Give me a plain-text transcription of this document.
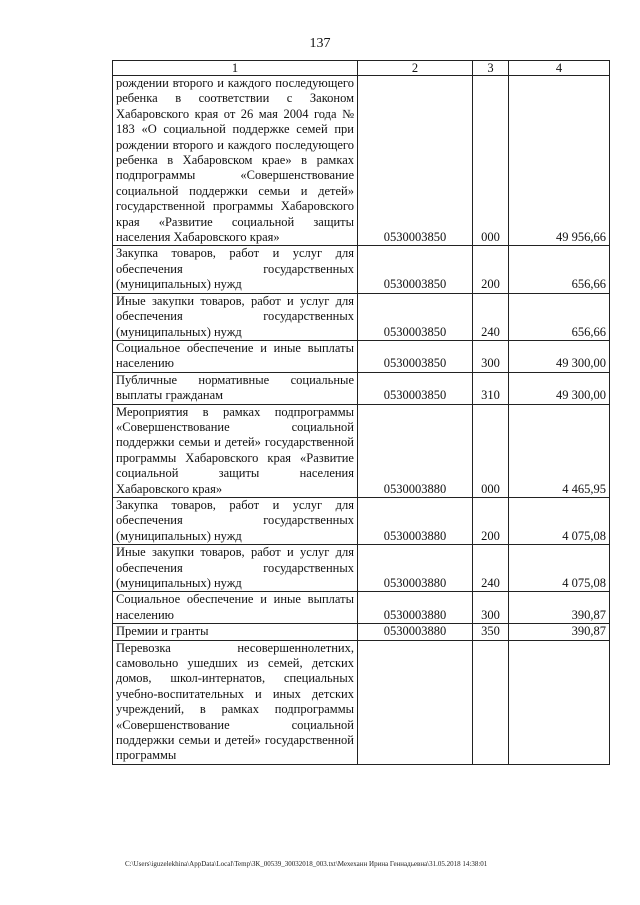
137
1	2	3	4
рождении второго и каждого последующего ребенка в соответствии с Законом Хабаровского края от 26 мая 2004 года № 183 «О социальной поддержке семей при рождении второго и каждого последующего ребенка в Хабаровском крае» в рамках подпрограммы «Совершенствование социальной поддержки семьи и детей» государственной программы Хабаровского края «Развитие социальной защиты населения Хабаровского края»	0530003850	000	49 956,66
Закупка товаров, работ и услуг для обеспечения государственных (муниципальных) нужд	0530003850	200	656,66
Иные закупки товаров, работ и услуг для обеспечения государственных (муниципальных) нужд	0530003850	240	656,66
Социальное обеспечение и иные выплаты населению	0530003850	300	49 300,00
Публичные нормативные социальные выплаты гражданам	0530003850	310	49 300,00
Мероприятия в рамках подпрограммы «Совершенствование социальной поддержки семьи и детей» государственной программы Хабаровского края «Развитие социальной защиты населения Хабаровского края»	0530003880	000	4 465,95
Закупка товаров, работ и услуг для обеспечения государственных (муниципальных) нужд	0530003880	200	4 075,08
Иные закупки товаров, работ и услуг для обеспечения государственных (муниципальных) нужд	0530003880	240	4 075,08
Социальное обеспечение и иные выплаты населению	0530003880	300	390,87
Премии и гранты	0530003880	350	390,87
Перевозка несовершеннолетних, самовольно ушедших из семей, детских домов, школ-интернатов, специальных учебно-воспитательных и иных детских учреждений, в рамках подпрограммы «Совершенствование социальной поддержки семьи и детей» государственной программы			
C:\Users\iguzelekhina\AppData\Local\Temp\ЗК_00539_30032018_003.txt\Мехеханн Ирина Геннадьевна\31.05.2018 14:38:01
